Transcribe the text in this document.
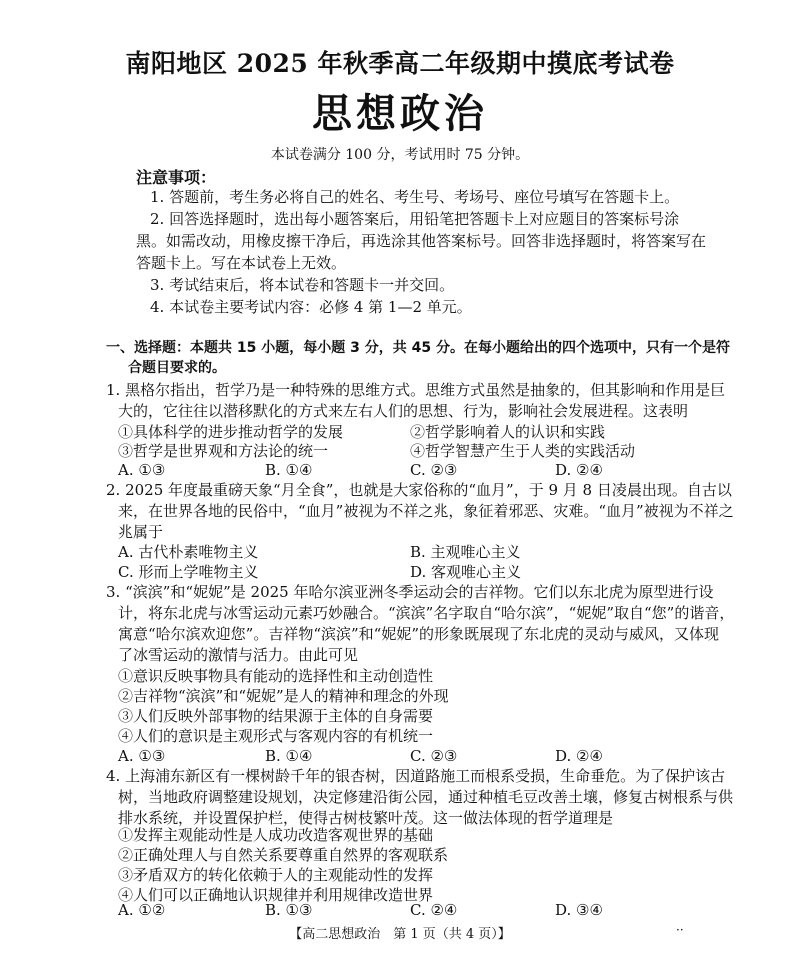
南阳地区 2025 年秋季高二年级期中摸底考试卷
思想政治
本试卷满分 100 分，考试用时 75 分钟。
注意事项：
1. 答题前，考生务必将自己的姓名、考生号、考场号、座位号填写在答题卡上。
2. 回答选择题时，选出每小题答案后，用铅笔把答题卡上对应题目的答案标号涂
黑。如需改动，用橡皮擦干净后，再选涂其他答案标号。回答非选择题时，将答案写在
答题卡上。写在本试卷上无效。
3. 考试结束后，将本试卷和答题卡一并交回。
4. 本试卷主要考试内容：必修 4 第 1—2 单元。
一、选择题：本题共 15 小题，每小题 3 分，共 45 分。在每小题给出的四个选项中，只有一个是符
合题目要求的。
1. 黑格尔指出，哲学乃是一种特殊的思维方式。思维方式虽然是抽象的，但其影响和作用是巨
大的，它往往以潜移默化的方式来左右人们的思想、行为，影响社会发展进程。这表明
①具体科学的进步推动哲学的发展	②哲学影响着人的认识和实践
③哲学是世界观和方法论的统一	④哲学智慧产生于人类的实践活动
A. ①③	B. ①④	C. ②③	D. ②④
2. 2025 年度最重磅天象“月全食”，也就是大家俗称的“血月”，于 9 月 8 日凌晨出现。自古以
来，在世界各地的民俗中，“血月”被视为不祥之兆，象征着邪恶、灾难。“血月”被视为不祥之
兆属于
A. 古代朴素唯物主义	B. 主观唯心主义
C. 形而上学唯物主义	D. 客观唯心主义
3. “滨滨”和“妮妮”是 2025 年哈尔滨亚洲冬季运动会的吉祥物。它们以东北虎为原型进行设
计，将东北虎与冰雪运动元素巧妙融合。“滨滨”名字取自“哈尔滨”，“妮妮”取自“您”的谐音，
寓意“哈尔滨欢迎您”。吉祥物“滨滨”和“妮妮”的形象既展现了东北虎的灵动与威风，又体现
了冰雪运动的激情与活力。由此可见
①意识反映事物具有能动的选择性和主动创造性
②吉祥物“滨滨”和“妮妮”是人的精神和理念的外现
③人们反映外部事物的结果源于主体的自身需要
④人们的意识是主观形式与客观内容的有机统一
A. ①③	B. ①④	C. ②③	D. ②④
4. 上海浦东新区有一棵树龄千年的银杏树，因道路施工而根系受损，生命垂危。为了保护该古
树，当地政府调整建设规划，决定修建沿街公园，通过种植毛豆改善土壤，修复古树根系与供
排水系统，并设置保护栏，使得古树枝繁叶茂。这一做法体现的哲学道理是
①发挥主观能动性是人成功改造客观世界的基础
②正确处理人与自然关系要尊重自然界的客观联系
③矛盾双方的转化依赖于人的主观能动性的发挥
④人们可以正确地认识规律并利用规律改造世界
A. ①②	B. ①③	C. ②④	D. ③④
【高二思想政治　第 1 页（共 4 页）】	··
